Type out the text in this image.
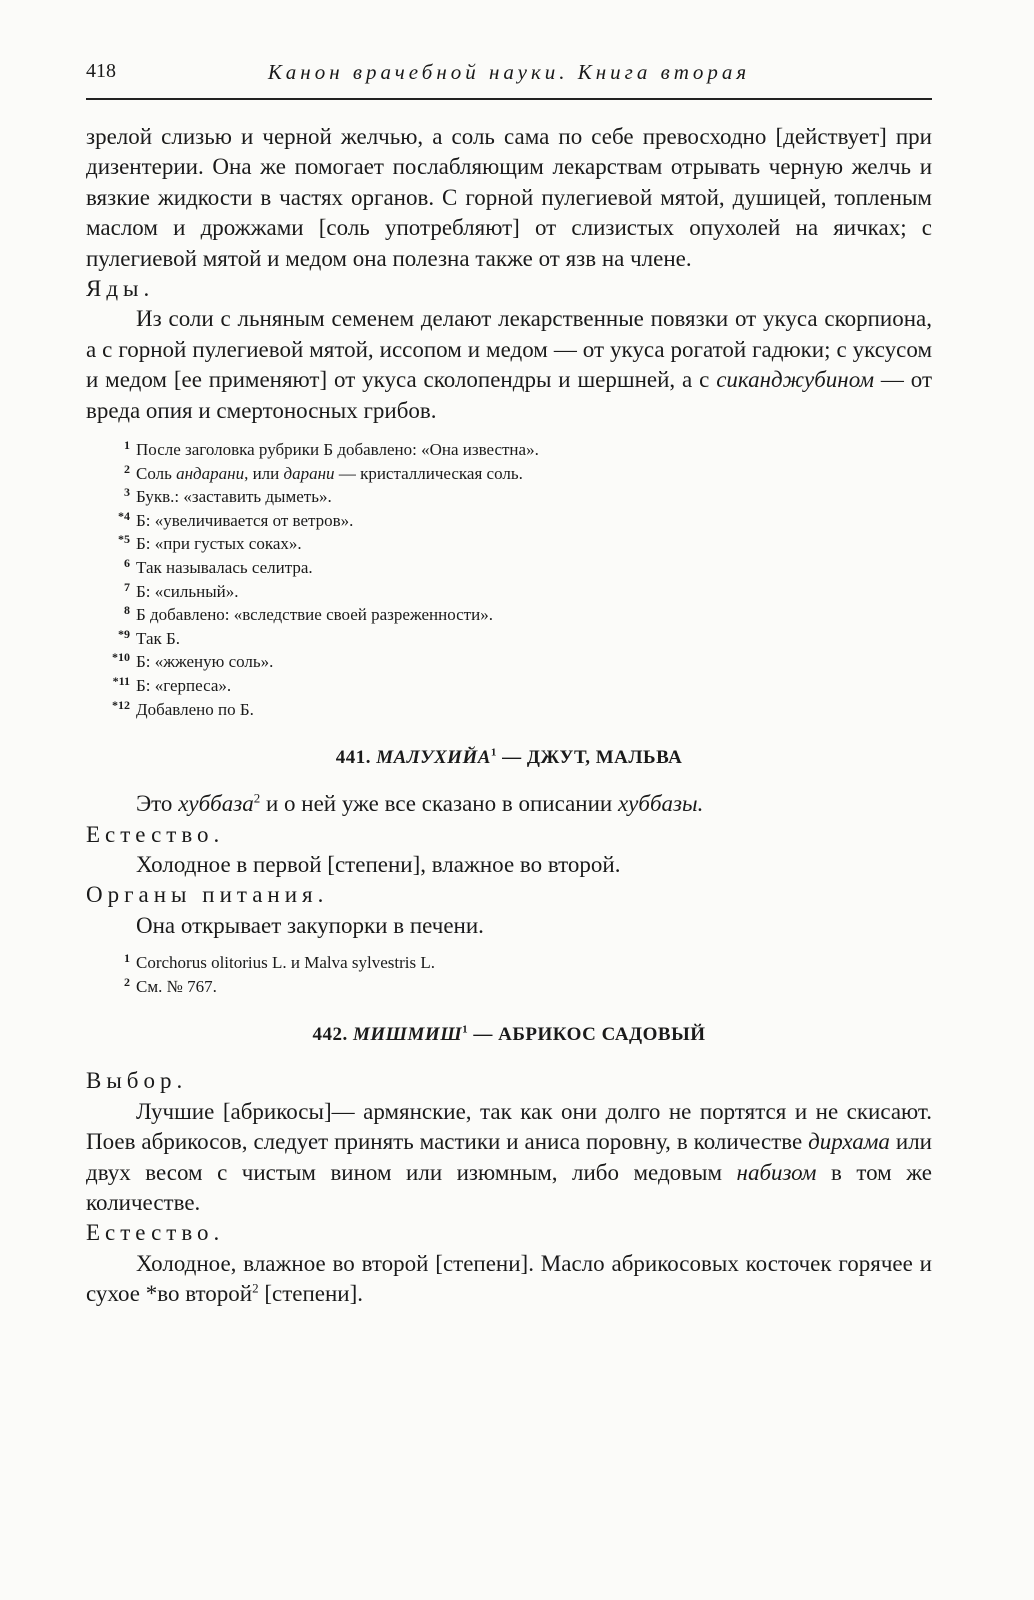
418	Канон врачебной науки. Книга вторая

зрелой слизью и черной желчью, а соль сама по себе превосходно [действует] при дизентерии. Она же помогает послабляющим лекарствам отрывать черную желчь и вязкие жидкости в частях органов. С горной пулегиевой мятой, душицей, топленым маслом и дрожжами [соль употребляют] от слизистых опухолей на яичках; с пулегиевой мятой и медом она полезна также от язв на члене.

Яды.

Из соли с льняным семенем делают лекарственные повязки от укуса скорпиона, а с горной пулегиевой мятой, иссопом и медом — от укуса рогатой гадюки; с уксусом и медом [ее применяют] от укуса сколопендры и шершней, а с сиканджубином — от вреда опия и смертоносных грибов.

1 После заголовка рубрики Б добавлено: «Она известна».
2 Соль андарани, или дарани — кристаллическая соль.
3 Букв.: «заставить дыметь».
*4 Б: «увеличивается от ветров».
*5 Б: «при густых соках».
6 Так называлась селитра.
7 Б: «сильный».
8 Б добавлено: «вследствие своей разреженности».
*9 Так Б.
*10 Б: «жженую соль».
*11 Б: «герпеса».
*12 Добавлено по Б.
441. МАЛУХИЙА$^1$ — ДЖУТ, МАЛЬВА

Это хуббаза$^2$ и о ней уже все сказано в описании хуббазы.

Естество.

Холодное в первой [степени], влажное во второй.

Органы питания.

Она открывает закупорки в печени.

1 Corchorus olitorius L. и Malva sylvestris L.
2 См. № 767.
442. МИШМИШ$^1$ — АБРИКОС САДОВЫЙ

Выбор.

Лучшие [абрикосы]— армянские, так как они долго не портятся и не скисают. Поев абрикосов, следует принять мастики и аниса поровну, в количестве дирхама или двух весом с чистым вином или изюмным, либо медовым набизом в том же количестве.

Естество.

Холодное, влажное во второй [степени]. Масло абрикосовых косточек горячее и сухое *во второй$^2$ [степени].
